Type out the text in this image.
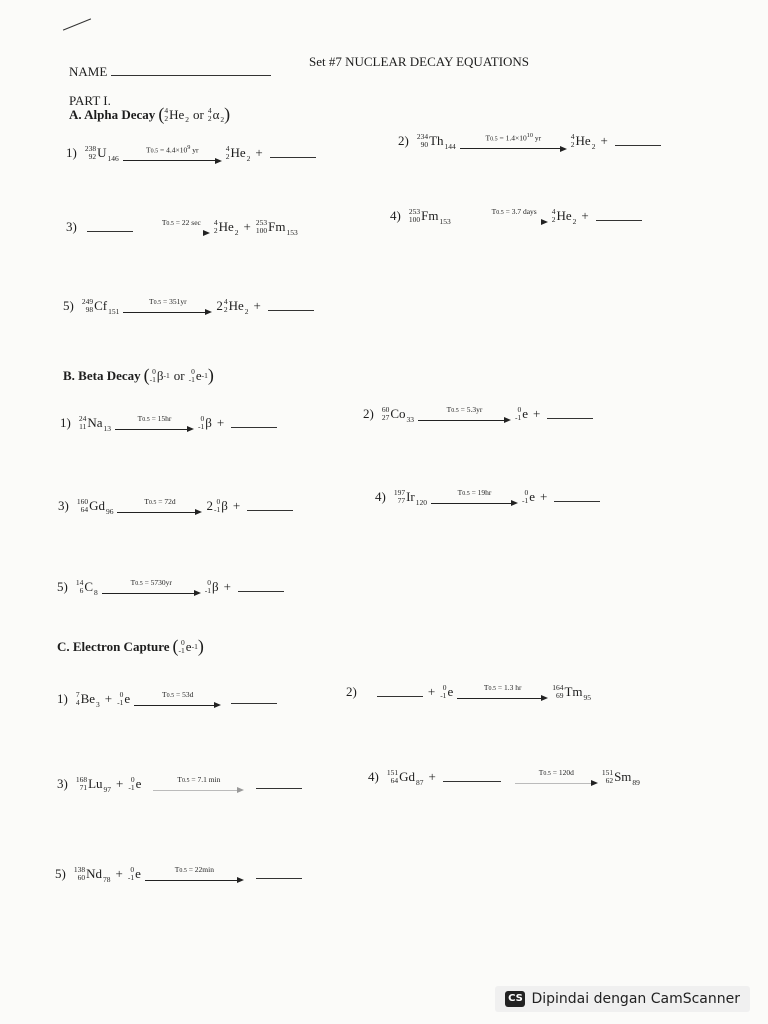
NAME
Set #7 NUCLEAR DECAY EQUATIONS
PART I.
A. Alpha Decay ( 4
2 He 2 or 4
2 α 2 )
1) 238
92 U 146
$T0.5 = 4.4\times 10^9$ yr	4
2 He 2 +
2) 234
90 Th 144
$T0.5 = 1.4\times 10^{10}$ yr	4
2 He 2 +
3)	T0.5 = 22 sec 4
2 He 2 + 253
100 Fm 153
4) 253
100 Fm 153
T0.5 = 3.7 days 4
2 He 2 +
5) 249
98 Cf 151
T0.5 = 351yr 2 4
2 He 2 +
B. Beta Decay ( 0
-1 β -1 or 0
-1 e -1 )
1) 24
11 Na 13
T0.5 = 15hr	0
-1 β +
2) 60
27 Co 33
T0.5 = 5.3yr	0
-1 e +
3) 160
64 Gd 96
T0.5 = 72d 2 0
-1 β +
4) 197
77 Ir 120
T0.5 = 19hr	0
-1 e +
5) 14
6 C 8
T0.5 = 5730yr	0
-1 β +
C. Electron Capture ( 0
-1 e -1 )
1) 7
4 Be 3 +	0
-1 e	T0.5 = 53d	2)	+	0
-1 e	T0.5 = 1.3 hr	164
69 Tm 95
3) 168
71 Lu 97 +	0
-1 e	T0.5 = 7.1 min	4) 151
64 Gd 87 +	T0.5 = 120d	151
62 Sm 89
5) 138
60 Nd 78 +	0
-1 e	T0.5 = 22min
CS Dipindai dengan CamScanner
